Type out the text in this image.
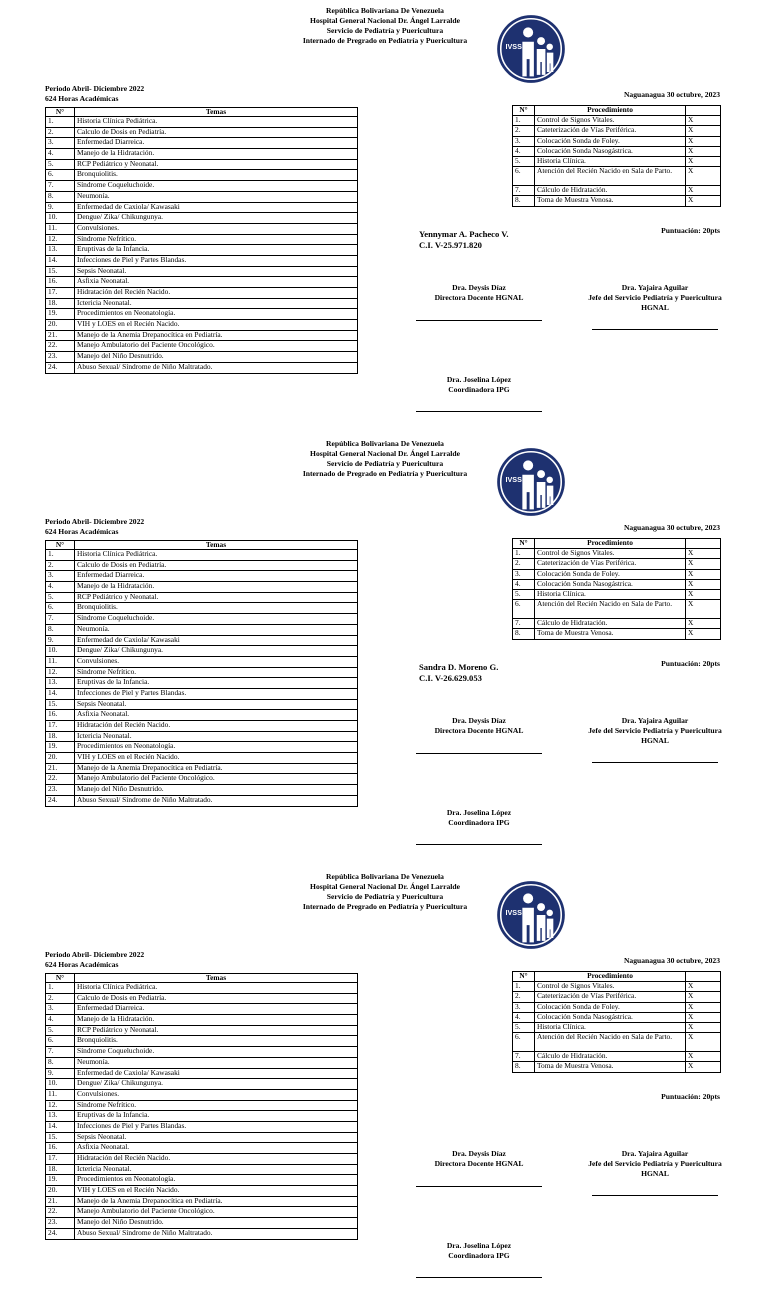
República Bolivariana De Venezuela
Hospital General Nacional Dr. Ángel Larralde
Servicio de Pediatría y Puericultura
Internado de Pregrado en Pediatría y Puericultura
IVSS
Periodo Abril- Diciembre 2022
624 Horas Académicas	Naguanagua 30 octubre, 2023
N°	Temas
1.	Historia Clínica Pediátrica.
2.	Calculo de Dosis en Pediatría.
3.	Enfermedad Diarreica.
4.	Manejo de la Hidratación.
5.	RCP Pediátrico y Neonatal.
6.	Bronquiolitis.
7.	Síndrome Coqueluchoide.
8.	Neumonía.
9.	Enfermedad de Caxiola/ Kawasaki
10.	Dengue/ Zika/ Chikungunya.
11.	Convulsiones.
12.	Síndrome Nefrítico.
13.	Eruptivas de la Infancia.
14.	Infecciones de Piel y Partes Blandas.
15.	Sepsis Neonatal.
16.	Asfixia Neonatal.
17.	Hidratación del Recién Nacido.
18.	Ictericia Neonatal.
19.	Procedimientos en Neonatología.
20.	VIH y LOES en el Recién Nacido.
21.	Manejo de la Anemia Drepanocítica en Pediatría.
22.	Manejo Ambulatorio del Paciente Oncológico.
23.	Manejo del Niño Desnutrido.
24.	Abuso Sexual/ Síndrome de Niño Maltratado.
N°	Procedimiento	
1.	Control de Signos Vitales.	X
2.	Cateterización de Vías Periférica.	X
3.	Colocación Sonda de Foley.	X
4.	Colocación Sonda Nasogástrica.	X
5.	Historia Clínica.	X
6.	Atención del Recién Nacido en Sala de Parto.	X
7.	Cálculo de Hidratación.	X
8.	Toma de Muestra Venosa.	X
Yennymar A. Pacheco V.
C.I. V-25.971.820
Puntuación: 20pts
Dra. Deysis Díaz
Directora Docente HGNAL
Dra. Yajaira Aguilar
Jefe del Servicio Pediatría y Puericultura
HGNAL
Dra. Joselina López
Coordinadora IPG
República Bolivariana De Venezuela
Hospital General Nacional Dr. Ángel Larralde
Servicio de Pediatría y Puericultura
Internado de Pregrado en Pediatría y Puericultura
IVSS
Periodo Abril- Diciembre 2022
624 Horas Académicas	Naguanagua 30 octubre, 2023
N°	Temas
1.	Historia Clínica Pediátrica.
2.	Calculo de Dosis en Pediatría.
3.	Enfermedad Diarreica.
4.	Manejo de la Hidratación.
5.	RCP Pediátrico y Neonatal.
6.	Bronquiolitis.
7.	Síndrome Coqueluchoide.
8.	Neumonía.
9.	Enfermedad de Caxiola/ Kawasaki
10.	Dengue/ Zika/ Chikungunya.
11.	Convulsiones.
12.	Síndrome Nefrítico.
13.	Eruptivas de la Infancia.
14.	Infecciones de Piel y Partes Blandas.
15.	Sepsis Neonatal.
16.	Asfixia Neonatal.
17.	Hidratación del Recién Nacido.
18.	Ictericia Neonatal.
19.	Procedimientos en Neonatología.
20.	VIH y LOES en el Recién Nacido.
21.	Manejo de la Anemia Drepanocítica en Pediatría.
22.	Manejo Ambulatorio del Paciente Oncológico.
23.	Manejo del Niño Desnutrido.
24.	Abuso Sexual/ Síndrome de Niño Maltratado.
N°	Procedimiento	
1.	Control de Signos Vitales.	X
2.	Cateterización de Vías Periférica.	X
3.	Colocación Sonda de Foley.	X
4.	Colocación Sonda Nasogástrica.	X
5.	Historia Clínica.	X
6.	Atención del Recién Nacido en Sala de Parto.	X
7.	Cálculo de Hidratación.	X
8.	Toma de Muestra Venosa.	X
Sandra D. Moreno G.
C.I. V-26.629.053
Puntuación: 20pts
Dra. Deysis Díaz
Directora Docente HGNAL
Dra. Yajaira Aguilar
Jefe del Servicio Pediatría y Puericultura
HGNAL
Dra. Joselina López
Coordinadora IPG
República Bolivariana De Venezuela
Hospital General Nacional Dr. Ángel Larralde
Servicio de Pediatría y Puericultura
Internado de Pregrado en Pediatría y Puericultura
IVSS
Periodo Abril- Diciembre 2022
624 Horas Académicas	Naguanagua 30 octubre, 2023
N°	Temas
1.	Historia Clínica Pediátrica.
2.	Calculo de Dosis en Pediatría.
3.	Enfermedad Diarreica.
4.	Manejo de la Hidratación.
5.	RCP Pediátrico y Neonatal.
6.	Bronquiolitis.
7.	Síndrome Coqueluchoide.
8.	Neumonía.
9.	Enfermedad de Caxiola/ Kawasaki
10.	Dengue/ Zika/ Chikungunya.
11.	Convulsiones.
12.	Síndrome Nefrítico.
13.	Eruptivas de la Infancia.
14.	Infecciones de Piel y Partes Blandas.
15.	Sepsis Neonatal.
16.	Asfixia Neonatal.
17.	Hidratación del Recién Nacido.
18.	Ictericia Neonatal.
19.	Procedimientos en Neonatología.
20.	VIH y LOES en el Recién Nacido.
21.	Manejo de la Anemia Drepanocítica en Pediatría.
22.	Manejo Ambulatorio del Paciente Oncológico.
23.	Manejo del Niño Desnutrido.
24.	Abuso Sexual/ Síndrome de Niño Maltratado.
N°	Procedimiento	
1.	Control de Signos Vitales.	X
2.	Cateterización de Vías Periférica.	X
3.	Colocación Sonda de Foley.	X
4.	Colocación Sonda Nasogástrica.	X
5.	Historia Clínica.	X
6.	Atención del Recién Nacido en Sala de Parto.	X
7.	Cálculo de Hidratación.	X
8.	Toma de Muestra Venosa.	X
Puntuación: 20pts
Dra. Deysis Díaz
Directora Docente HGNAL
Dra. Yajaira Aguilar
Jefe del Servicio Pediatría y Puericultura
HGNAL
Dra. Joselina López
Coordinadora IPG
